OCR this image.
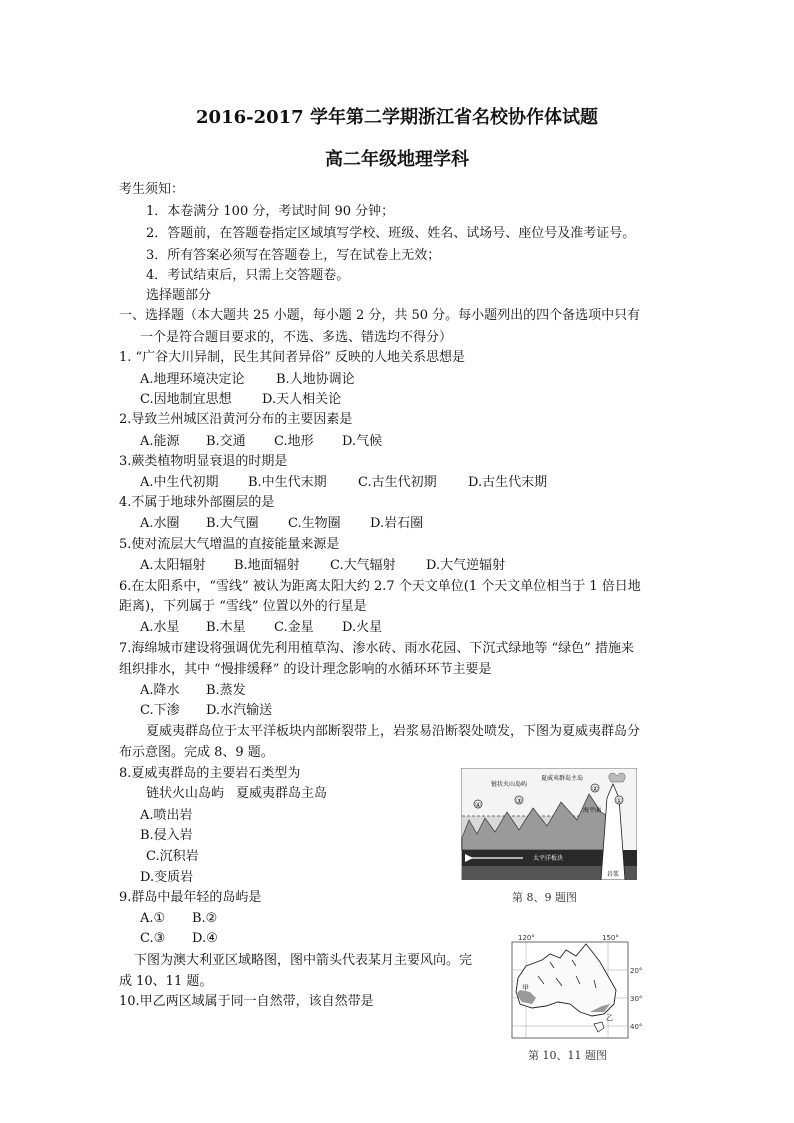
2016-2017 学年第二学期浙江省名校协作体试题
高二年级地理学科
考生须知：
1．本卷满分 100 分，考试时间 90 分钟；
2．答题前，在答题卷指定区域填写学校、班级、姓名、试场号、座位号及准考证号。
3．所有答案必须写在答题卷上，写在试卷上无效；
4．考试结束后，只需上交答题卷。
选择题部分
一、选择题（本大题共 25 小题，每小题 2 分，共 50 分。每小题列出的四个备选项中只有
一个是符合题目要求的，不选、多选、错选均不得分）
1. “广谷大川异制，民生其间者异俗” 反映的人地关系思想是
A.地理环境决定论 B.人地协调论
C.因地制宜思想 D.天人相关论
2.导致兰州城区沿黄河分布的主要因素是
A.能源 B.交通 C.地形 D.气候
3.蕨类植物明显衰退的时期是
A.中生代初期 B.中生代末期 C.古生代初期 D.古生代末期
4.不属于地球外部圈层的是
A.水圈 B.大气圈 C.生物圈 D.岩石圈
5.使对流层大气增温的直接能量来源是
A.太阳辐射 B.地面辐射 C.大气辐射 D.大气逆辐射
6.在太阳系中，“雪线” 被认为距离太阳大约 2.7 个天文单位(1 个天文单位相当于 1 倍日地
距离)，下列属于 “雪线” 位置以外的行星是
A.水星 B.木星 C.金星 D.火星
7.海绵城市建设将强调优先利用植草沟、渗水砖、雨水花园、下沉式绿地等 “绿色” 措施来
组织排水，其中 “慢排缓释” 的设计理念影响的水循环环节主要是
A.降水 B.蒸发
C.下渗 D.水汽输送
夏威夷群岛位于太平洋板块内部断裂带上，岩浆易沿断裂处喷发，下图为夏威夷群岛分
布示意图。完成 8、9 题。
8.夏威夷群岛的主要岩石类型为
链状火山岛屿 夏威夷群岛主岛
A.喷出岩
B.侵入岩
C.沉积岩
D.变质岩
9.群岛中最年轻的岛屿是
A.① B.②
C.③ D.④
下图为澳大利亚区域略图，图中箭头代表某月主要风向。完
成 10、11 题。
10.甲乙两区域属于同一自然带，该自然带是
④	③
②
①
链状火山岛屿
夏威夷群岛主岛
海平面
太平洋板块
岩浆
第 8、9 题图
120°	150°
20°
30°
40°
甲
乙
第 10、11 题图
